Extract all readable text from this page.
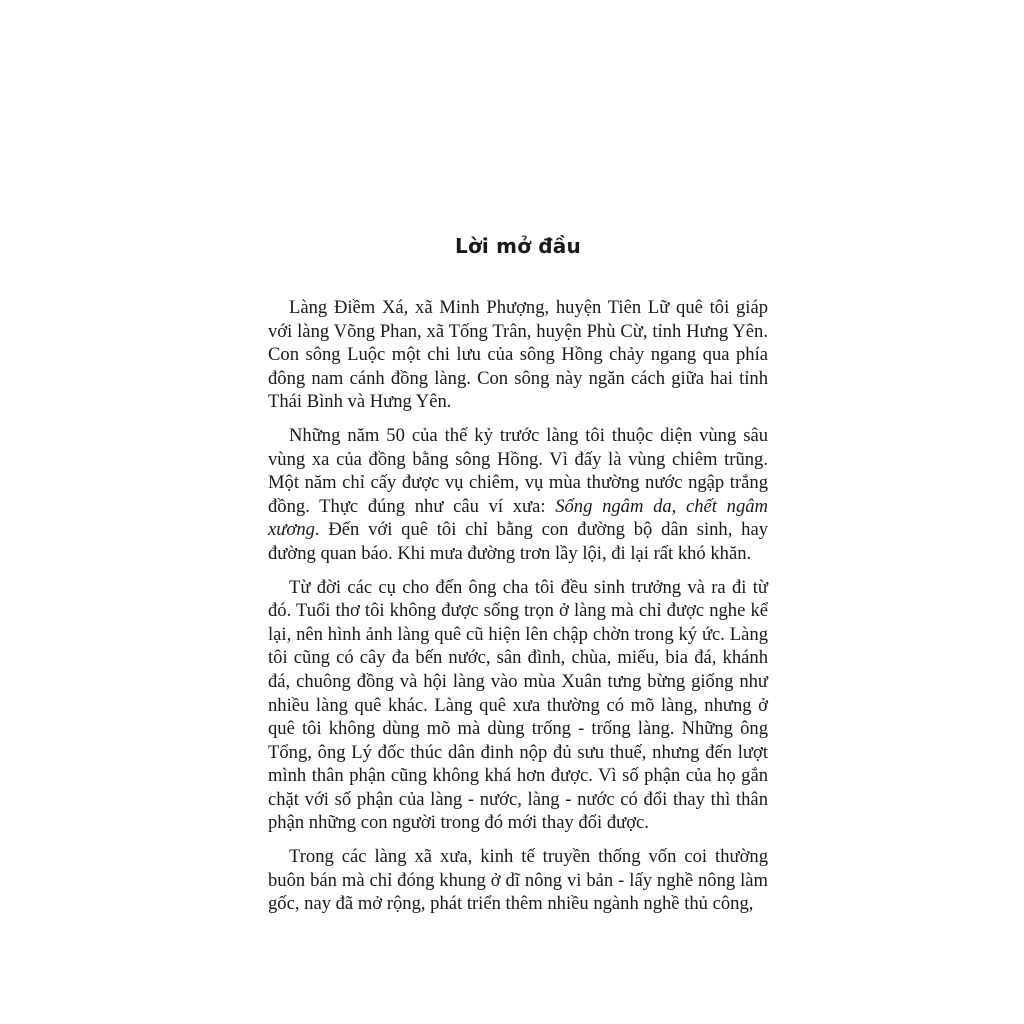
Lời mở đầu

Làng Điềm Xá, xã Minh Phượng, huyện Tiên Lữ quê tôi giáp với làng Võng Phan, xã Tống Trân, huyện Phù Cừ, tỉnh Hưng Yên. Con sông Luộc một chi lưu của sông Hồng chảy ngang qua phía đông nam cánh đồng làng. Con sông này ngăn cách giữa hai tỉnh Thái Bình và Hưng Yên.

Những năm 50 của thế kỷ trước làng tôi thuộc diện vùng sâu vùng xa của đồng bằng sông Hồng. Vì đấy là vùng chiêm trũng. Một năm chỉ cấy được vụ chiêm, vụ mùa thường nước ngập trắng đồng. Thực đúng như câu ví xưa: Sống ngâm da, chết ngâm xương. Đến với quê tôi chỉ bằng con đường bộ dân sinh, hay đường quan báo. Khi mưa đường trơn lầy lội, đi lại rất khó khăn.

Từ đời các cụ cho đến ông cha tôi đều sinh trưởng và ra đi từ đó. Tuổi thơ tôi không được sống trọn ở làng mà chỉ được nghe kể lại, nên hình ảnh làng quê cũ hiện lên chập chờn trong ký ức. Làng tôi cũng có cây đa bến nước, sân đình, chùa, miếu, bia đá, khánh đá, chuông đồng và hội làng vào mùa Xuân tưng bừng giống như nhiều làng quê khác. Làng quê xưa thường có mõ làng, nhưng ở quê tôi không dùng mõ mà dùng trống - trống làng. Những ông Tổng, ông Lý đốc thúc dân đinh nộp đủ sưu thuế, nhưng đến lượt mình thân phận cũng không khá hơn được. Vì số phận của họ gắn chặt với số phận của làng - nước, làng - nước có đổi thay thì thân phận những con người trong đó mới thay đổi được.

Trong các làng xã xưa, kinh tế truyền thống vốn coi thường buôn bán mà chỉ đóng khung ở dĩ nông vi bản - lấy nghề nông làm gốc, nay đã mở rộng, phát triển thêm nhiều ngành nghề thủ công,
